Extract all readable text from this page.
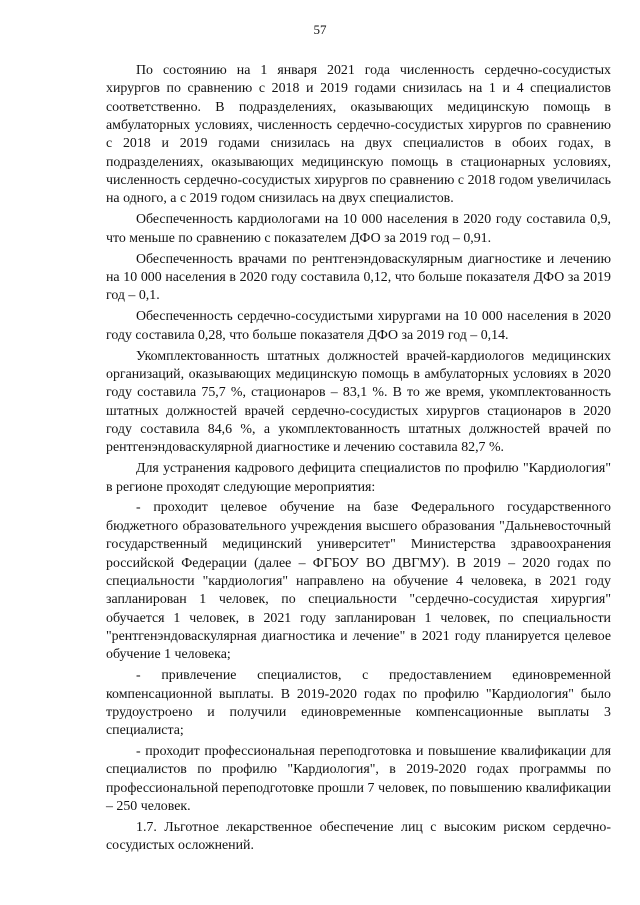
57

По состоянию на 1 января 2021 года численность сердечно-сосудистых хирургов по сравнению с 2018 и 2019 годами снизилась на 1 и 4 специалистов соответственно. В подразделениях, оказывающих медицинскую помощь в амбулаторных условиях, численность сердечно-сосудистых хирургов по сравнению с 2018 и 2019 годами снизилась на двух специалистов в обоих годах, в подразделениях, оказывающих медицинскую помощь в стационарных условиях, численность сердечно-сосудистых хирургов по сравнению с 2018 годом увеличилась на одного, а с 2019 годом снизилась на двух специалистов.

Обеспеченность кардиологами на 10 000 населения в 2020 году составила 0,9, что меньше по сравнению с показателем ДФО за 2019 год – 0,91.

Обеспеченность врачами по рентгенэндоваскулярным диагностике и лечению на 10 000 населения в 2020 году составила 0,12, что больше показателя ДФО за 2019 год – 0,1.

Обеспеченность сердечно-сосудистыми хирургами на 10 000 населения в 2020 году составила 0,28, что больше показателя ДФО за 2019 год – 0,14.

Укомплектованность штатных должностей врачей-кардиологов медицинских организаций, оказывающих медицинскую помощь в амбулаторных условиях в 2020 году составила 75,7 %, стационаров – 83,1 %. В то же время, укомплектованность штатных должностей врачей сердечно-сосудистых хирургов стационаров в 2020 году составила 84,6 %, а укомплектованность штатных должностей врачей по рентгенэндоваскулярной диагностике и лечению составила 82,7 %.

Для устранения кадрового дефицита специалистов по профилю "Кардиология" в регионе проходят следующие мероприятия:

- проходит целевое обучение на базе Федерального государственного бюджетного образовательного учреждения высшего образования "Дальневосточный государственный медицинский университет" Министерства здравоохранения российской Федерации (далее – ФГБОУ ВО ДВГМУ). В 2019 – 2020 годах по специальности "кардиология" направлено на обучение 4 человека, в 2021 году запланирован 1 человек, по специальности "сердечно-сосудистая хирургия" обучается 1 человек, в 2021 году запланирован 1 человек, по специальности "рентгенэндоваскулярная диагностика и лечение" в 2021 году планируется целевое обучение 1 человека;

- привлечение специалистов, с предоставлением единовременной компенсационной выплаты. В 2019-2020 годах по профилю "Кардиология" было трудоустроено и получили единовременные компенсационные выплаты 3 специалиста;

- проходит профессиональная переподготовка и повышение квалификации для специалистов по профилю "Кардиология", в 2019-2020 годах программы по профессиональной переподготовке прошли 7 человек, по повышению квалификации – 250 человек.

1.7. Льготное лекарственное обеспечение лиц с высоким риском сердечно-сосудистых осложнений.
